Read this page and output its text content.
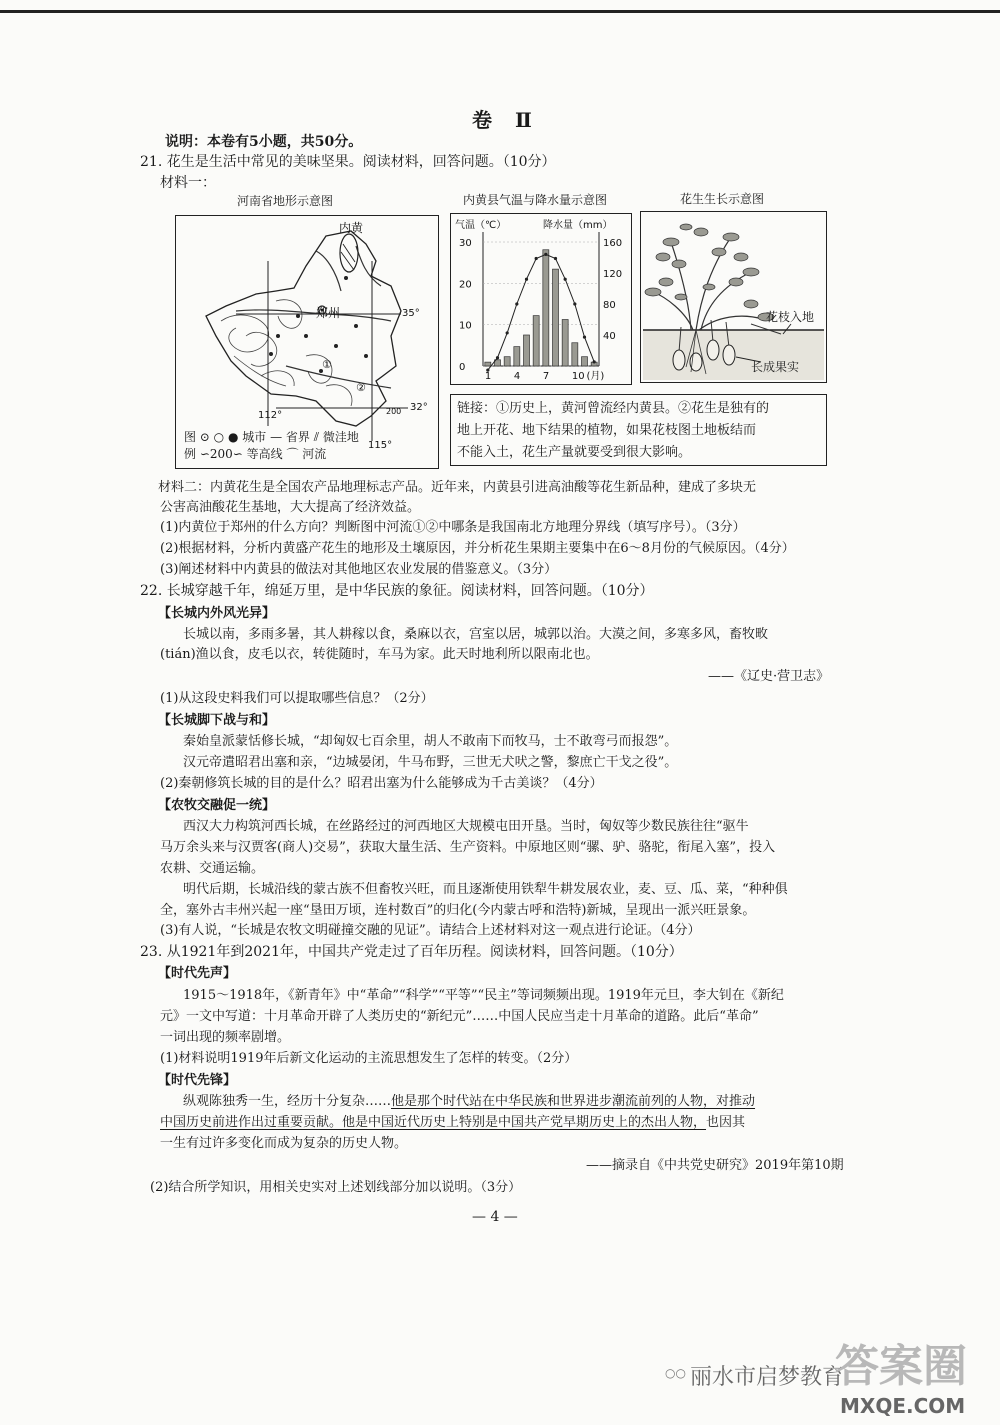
卷 Ⅱ
说明：本卷有5小题，共50分。
21. 花生是生活中常见的美味坚果。阅读材料，回答问题。（10分）
材料一：
河南省地形示意图	内黄县气温与降水量示意图	花生生长示意图
内黄
郑州	35°
32°
112°
115°
①
②
200
图 ⊙ ○ ● 城市 — 省界 ⫽ 微洼地
例 ∽200∽ 等高线 ⌒ 河流
气温（℃）	降水量（mm）
30
20
10
0
160
120
80
40
1 4 7 10 (月)
花枝入地
长成果实
链接：①历史上，黄河曾流经内黄县。②花生是独有的
地上开花、地下结果的植物，如果花枝图土地板结而
不能入土，花生产量就要受到很大影响。
材料二：内黄花生是全国农产品地理标志产品。近年来，内黄县引进高油酸等花生新品种，建成了多块无
公害高油酸花生基地，大大提高了经济效益。
(1)内黄位于郑州的什么方向？判断图中河流①②中哪条是我国南北方地理分界线（填写序号）。（3分）
(2)根据材料，分析内黄盛产花生的地形及土壤原因，并分析花生果期主要集中在6～8月份的气候原因。（4分）
(3)阐述材料中内黄县的做法对其他地区农业发展的借鉴意义。（3分）
22. 长城穿越千年，绵延万里，是中华民族的象征。阅读材料，回答问题。（10分）
【长城内外风光异】
长城以南，多雨多暑，其人耕稼以食，桑麻以衣，宫室以居，城郭以治。大漠之间，多寒多风，畜牧畋
(tián)渔以食，皮毛以衣，转徙随时，车马为家。此天时地利所以限南北也。
——《辽史·营卫志》
(1)从这段史料我们可以提取哪些信息？（2分）
【长城脚下战与和】
秦始皇派蒙恬修长城，“却匈奴七百余里，胡人不敢南下而牧马，士不敢弯弓而报怨”。
汉元帝遣昭君出塞和亲，“边城晏闭，牛马布野，三世无犬吠之警，黎庶亡干戈之役”。
(2)秦朝修筑长城的目的是什么？昭君出塞为什么能够成为千古美谈？（4分）
【农牧交融促一统】
西汉大力构筑河西长城，在丝路经过的河西地区大规模屯田开垦。当时，匈奴等少数民族往往“驱牛
马万余头来与汉贾客(商人)交易”，获取大量生活、生产资料。中原地区则“骡、驴、骆驼，衔尾入塞”，投入
农耕、交通运输。
明代后期，长城沿线的蒙古族不但畜牧兴旺，而且逐渐使用铁犁牛耕发展农业，麦、豆、瓜、菜，“种种俱
全，塞外古丰州兴起一座“垦田万顷，连村数百”的归化(今内蒙古呼和浩特)新城，呈现出一派兴旺景象。
(3)有人说，“长城是农牧文明碰撞交融的见证”。请结合上述材料对这一观点进行论证。（4分）
23. 从1921年到2021年，中国共产党走过了百年历程。阅读材料，回答问题。（10分）
【时代先声】
1915～1918年，《新青年》中“革命”“科学”“平等”“民主”等词频频出现。1919年元旦，李大钊在《新纪
元》一文中写道：十月革命开辟了人类历史的“新纪元”……中国人民应当走十月革命的道路。此后“革命”
一词出现的频率剧增。
(1)材料说明1919年后新文化运动的主流思想发生了怎样的转变。（2分）
【时代先锋】
纵观陈独秀一生，经历十分复杂……他是那个时代站在中华民族和世界进步潮流前列的人物，对推动
中国历史前进作出过重要贡献。他是中国近代历史上特别是中国共产党早期历史上的杰出人物，也因其
一生有过许多变化而成为复杂的历史人物。
——摘录自《中共党史研究》2019年第10期
(2)结合所学知识，用相关史实对上述划线部分加以说明。（3分）
— 4 —
○○ 丽水市启梦教育
MXQE.COM
答案圈
